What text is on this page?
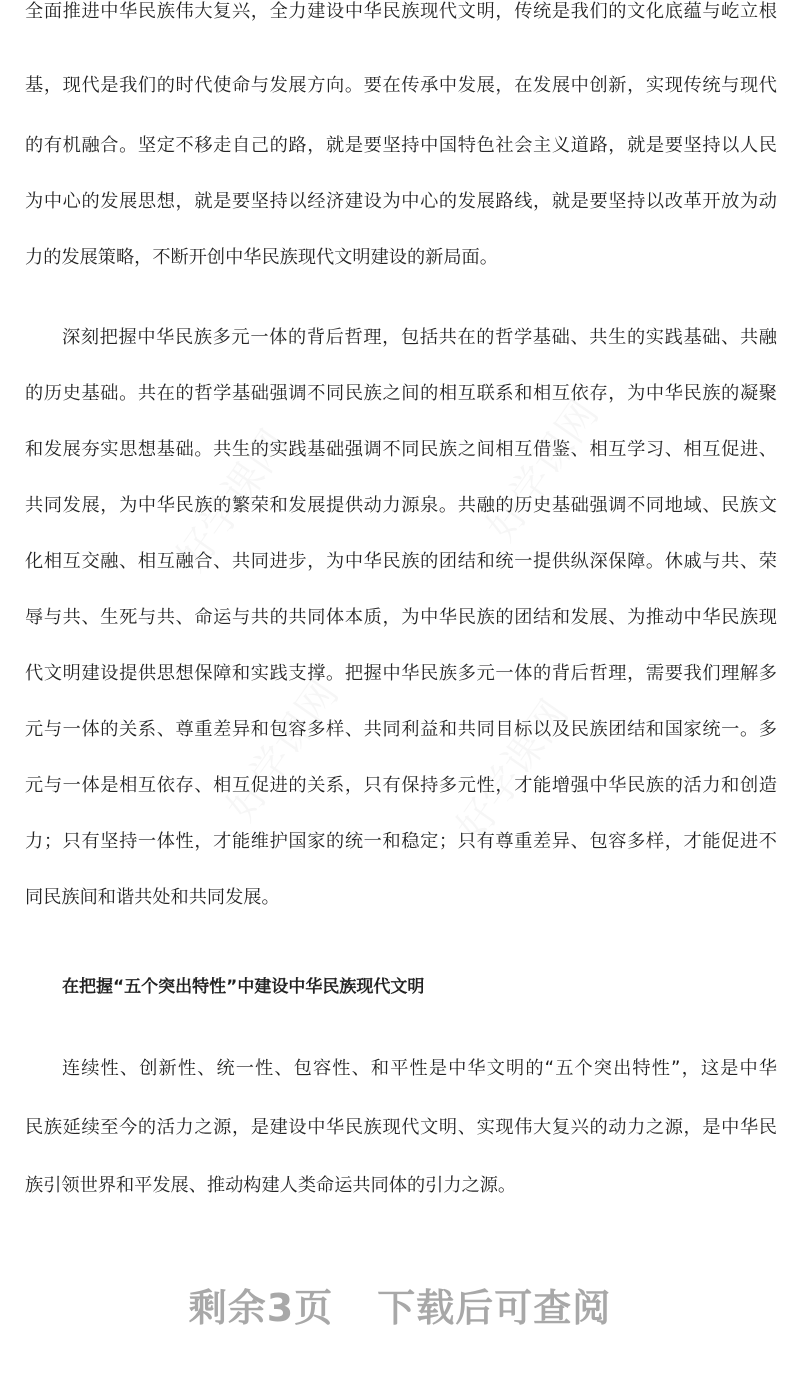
全面推进中华民族伟大复兴，全力建设中华民族现代文明，传统是我们的文化底蕴与屹立根
基，现代是我们的时代使命与发展方向。要在传承中发展，在发展中创新，实现传统与现代
的有机融合。坚定不移走自己的路，就是要坚持中国特色社会主义道路，就是要坚持以人民
为中心的发展思想，就是要坚持以经济建设为中心的发展路线，就是要坚持以改革开放为动
力的发展策略，不断开创中华民族现代文明建设的新局面。
深刻把握中华民族多元一体的背后哲理，包括共在的哲学基础、共生的实践基础、共融
的历史基础。共在的哲学基础强调不同民族之间的相互联系和相互依存，为中华民族的凝聚
和发展夯实思想基础。共生的实践基础强调不同民族之间相互借鉴、相互学习、相互促进、
共同发展，为中华民族的繁荣和发展提供动力源泉。共融的历史基础强调不同地域、民族文
化相互交融、相互融合、共同进步，为中华民族的团结和统一提供纵深保障。休戚与共、荣
辱与共、生死与共、命运与共的共同体本质，为中华民族的团结和发展、为推动中华民族现
代文明建设提供思想保障和实践支撑。把握中华民族多元一体的背后哲理，需要我们理解多
元与一体的关系、尊重差异和包容多样、共同利益和共同目标以及民族团结和国家统一。多
元与一体是相互依存、相互促进的关系，只有保持多元性，才能增强中华民族的活力和创造
力；只有坚持一体性，才能维护国家的统一和稳定；只有尊重差异、包容多样，才能促进不
同民族间和谐共处和共同发展。
在把握“五个突出特性”中建设中华民族现代文明
连续性、创新性、统一性、包容性、和平性是中华文明的“五个突出特性”，这是中华
民族延续至今的活力之源，是建设中华民族现代文明、实现伟大复兴的动力之源，是中华民
族引领世界和平发展、推动构建人类命运共同体的引力之源。
剩余3页 下载后可查阅
